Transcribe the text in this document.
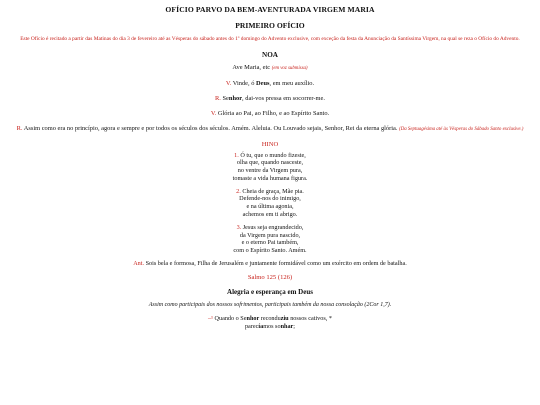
OFÍCIO PARVO DA BEM-AVENTURADA VIRGEM MARIA
PRIMEIRO OFÍCIO
Este Ofício é recitado a partir das Matinas do dia 3 de fevereiro até as Vésperas do sábado antes do 1º domingo do Advento exclusive, com exceção da festa da Anunciação da Santíssima Virgem, na qual se reza o Ofício do Advento.
NOA
Ave Maria, etc (em voz submissa)
V. Vinde, ó Deus, em meu auxílio.
R. Senhor, dai-vos pressa em socorrer-me.
V. Glória ao Pai, ao Filho, e ao Espírito Santo.
R. Assim como era no princípio, agora e sempre e por todos os séculos dos séculos. Amém. Aleluia. Ou Louvado sejais, Senhor, Rei da eterna glória. (Da Septuagésima até às Vésperas do Sábado Santo exclusive.)
HINO
1. Ó tu, que o mundo fizeste,
olha que, quando nasceste,
no ventre da Virgem pura,
tomaste a vida humana figura.
2. Cheia de graça, Mãe pia.
Defende-nos do inimigo,
e na última agonia,
achemos em ti abrigo.
3. Jesus seja engrandecido,
da Virgem pura nascido,
e o eterno Pai também,
com o Espírito Santo. Amém.
Ant. Sois bela e formosa, Filha de Jerusalém e juntamente formidável como um exército em ordem de batalha.
Salmo 125 (126)
Alegria e esperança em Deus
Assim como participais dos nossos sofrimentos, participais também da nossa consolação (2Cor 1,7).
–¹ Quando o Senhor reconduziu nossos cativos, *
parecíamos sonhar;
